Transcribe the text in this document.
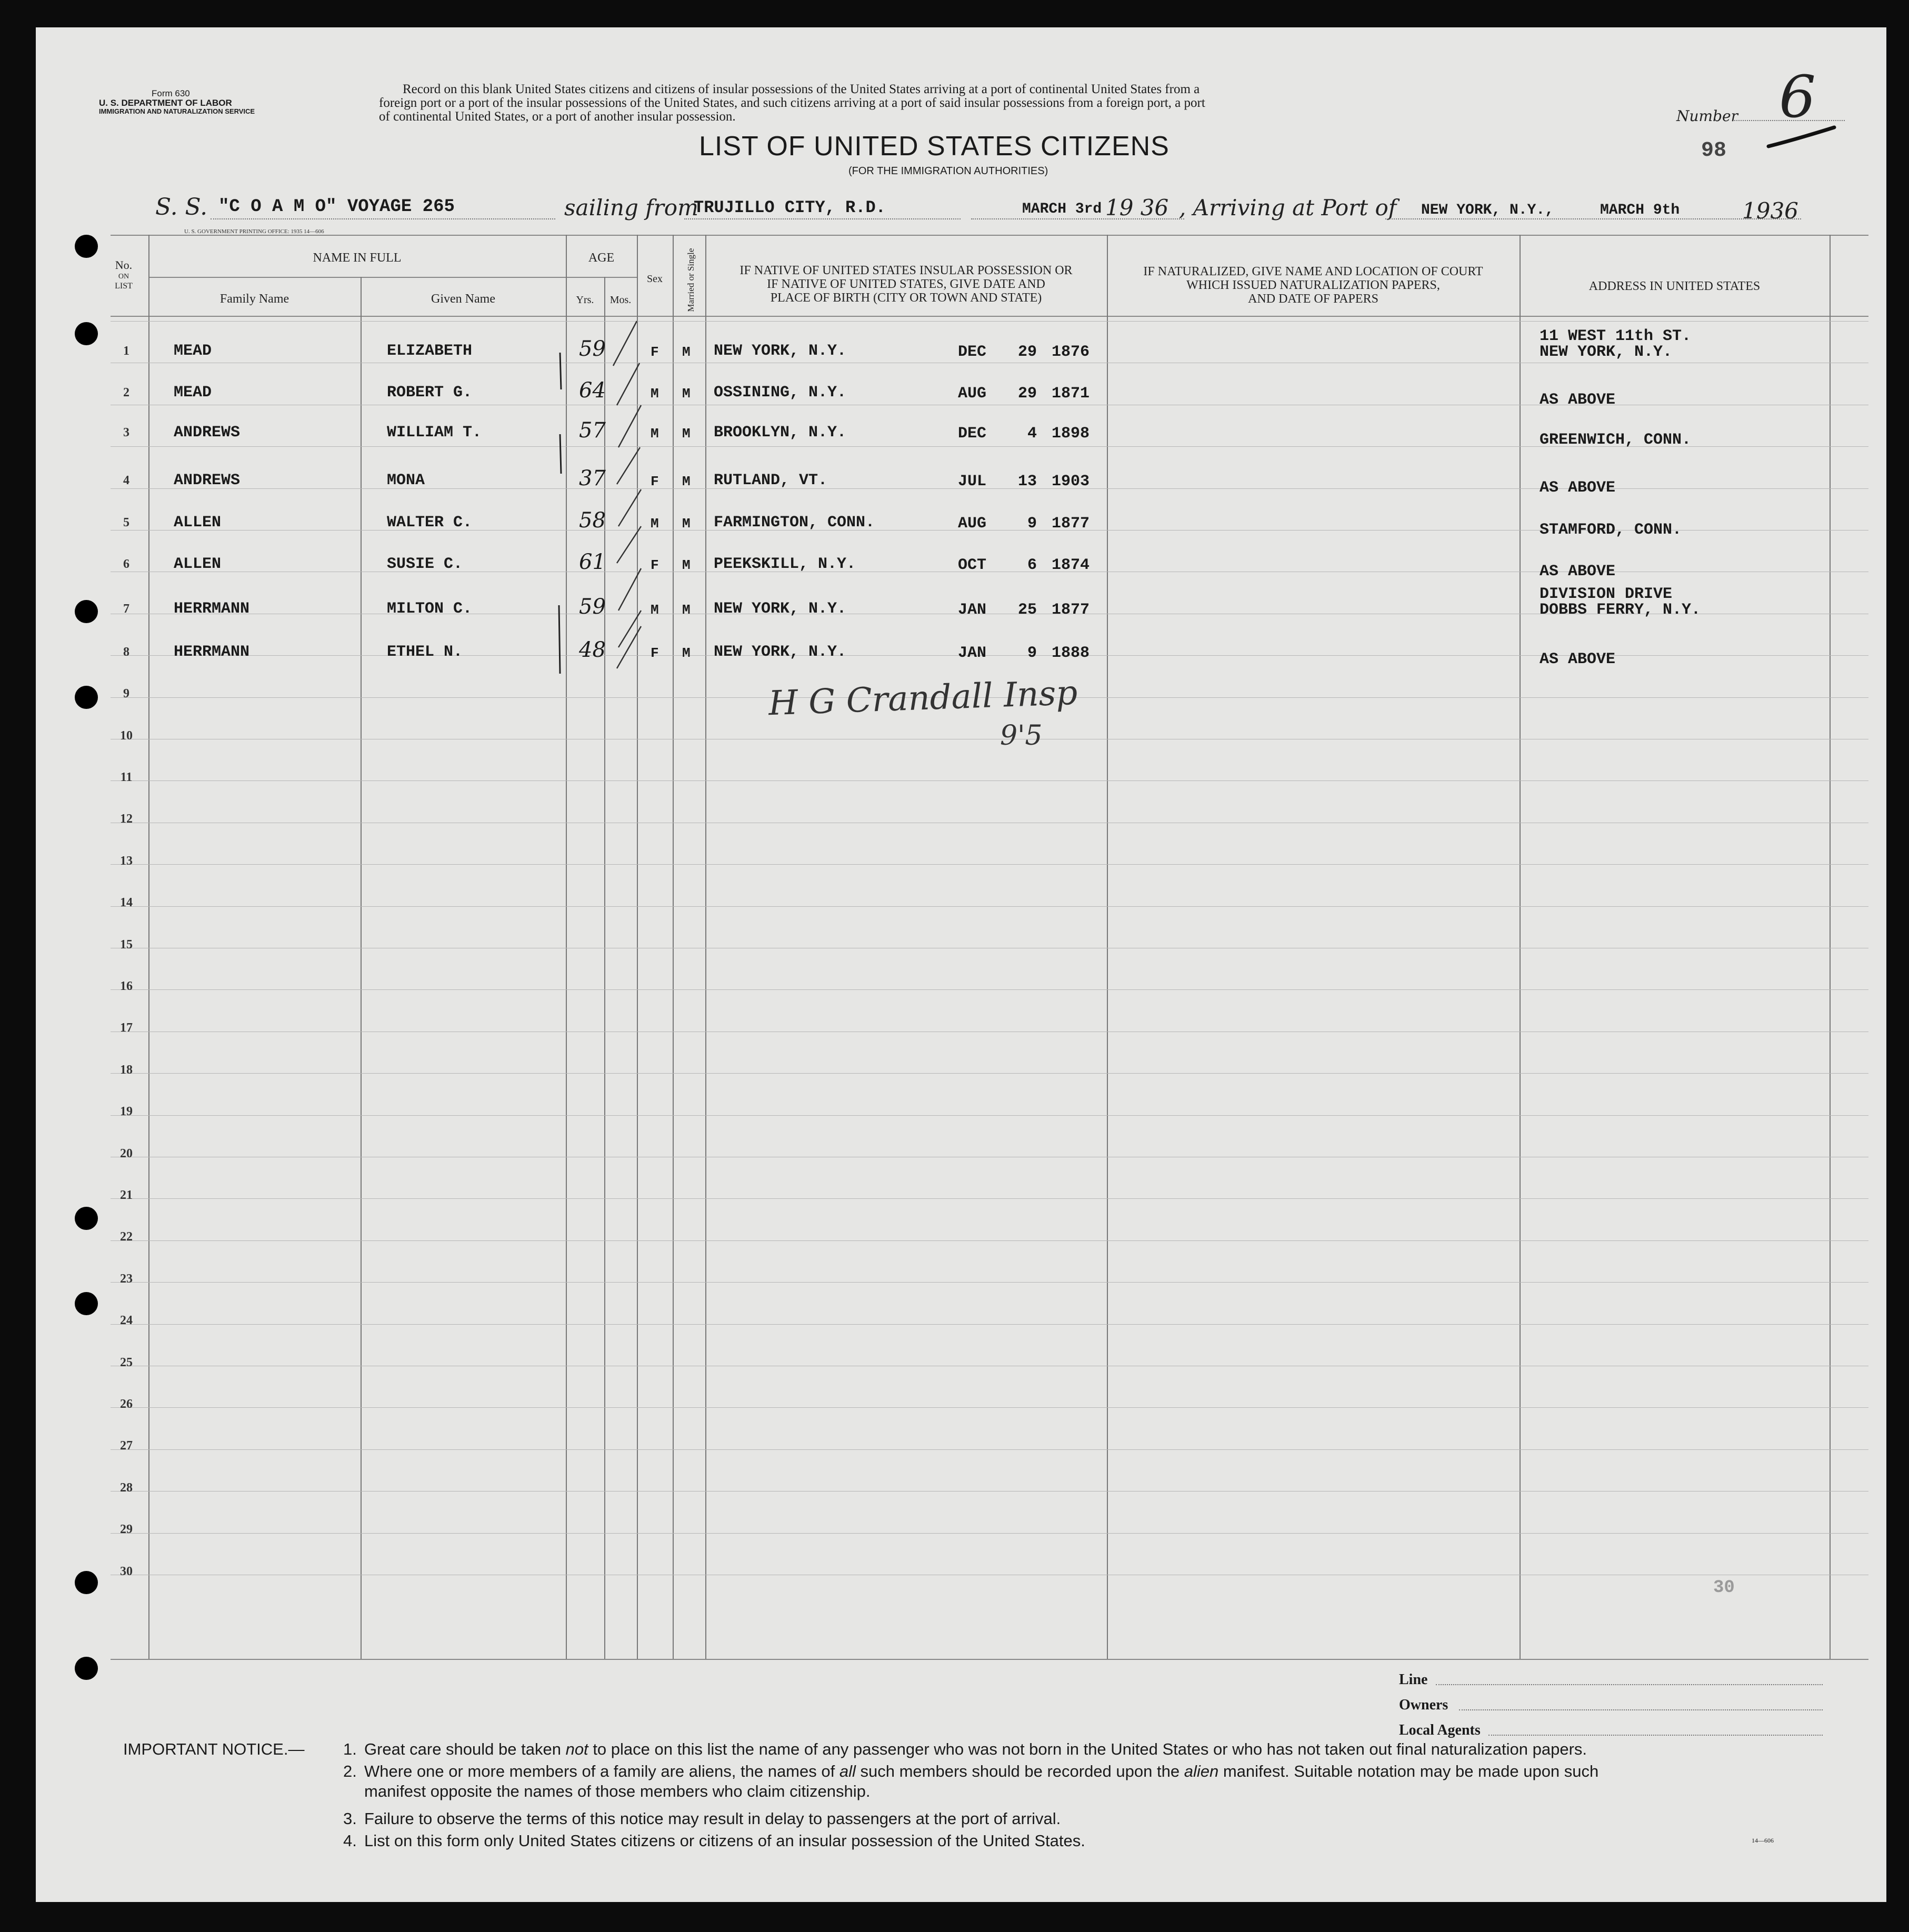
Form 630
U. S. DEPARTMENT OF LABOR
IMMIGRATION AND NATURALIZATION SERVICE
Record on this blank United States citizens and citizens of insular possessions of the United States arriving at a port of continental United States from a
foreign port or a port of the insular possessions of the United States, and such citizens arriving at a port of said insular possessions from a foreign port, a port
of continental United States, or a port of another insular possession.
LIST OF UNITED STATES CITIZENS
(FOR THE IMMIGRATION AUTHORITIES)
Number 6
98
S. S. "C O A M O" VOYAGE 265	sailing from
TRUJILLO CITY, R.D.	MARCH 3rd 19 36 , Arriving at Port of NEW YORK, N.Y.,	MARCH 9th	1936
U. S. GOVERNMENT PRINTING OFFICE: 1935 14—606
No.
ON
LIST
NAME IN FULL
Family Name	Given Name
AGE
Yrs.	Mos.
Sex	Married or Single	IF NATIVE OF UNITED STATES INSULAR POSSESSION OR
IF NATIVE OF UNITED STATES, GIVE DATE AND
PLACE OF BIRTH (CITY OR TOWN AND STATE)
IF NATURALIZED, GIVE NAME AND LOCATION OF COURT
WHICH ISSUED NATURALIZATION PAPERS,
AND DATE OF PAPERS
ADDRESS IN UNITED STATES
1	MEAD	ELIZABETH	59	F M NEW YORK, N.Y.	DEC	29 1876
11 WEST 11th ST.
NEW YORK, N.Y.
2	MEAD	ROBERT G.	64	M M OSSINING, N.Y.	AUG	29 1871	AS ABOVE
3	ANDREWS	WILLIAM T.	57	M M BROOKLYN, N.Y.	DEC	4 1898	GREENWICH, CONN.
4	ANDREWS	MONA	37	F M RUTLAND, VT.	JUL	13 1903	AS ABOVE
5	ALLEN	WALTER C.	58	M M FARMINGTON, CONN.	AUG	9 1877	STAMFORD, CONN.
6	ALLEN	SUSIE C.	61	F M PEEKSKILL, N.Y.	OCT	6 1874	AS ABOVE
7	HERRMANN	MILTON C.	59	M M NEW YORK, N.Y.	JAN	25 1877
DIVISION DRIVE
DOBBS FERRY, N.Y.
8	HERRMANN	ETHEL N.	48	F M NEW YORK, N.Y.	JAN	9 1888	AS ABOVE
9
10
11
12
13
14
15
16
17
18
19
20
21
22
23
24
25
26
27
28
29
30
H G Crandall Insp
9'5
30
Line
Owners
Local Agents
IMPORTANT NOTICE.— 1. Great care should be taken not to place on this list the name of any passenger who was not born in the United States or who has not taken out final naturalization papers.
2. Where one or more members of a family are aliens, the names of all such members should be recorded upon the alien manifest. Suitable notation may be made upon such
manifest opposite the names of those members who claim citizenship.
3. Failure to observe the terms of this notice may result in delay to passengers at the port of arrival.
4. List on this form only United States citizens or citizens of an insular possession of the United States.	14—606
